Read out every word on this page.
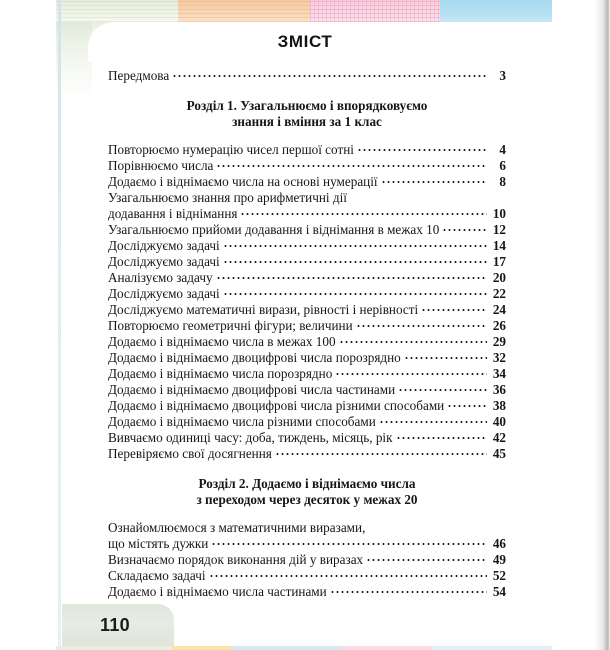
ЗМІСТ
Передмова	3
Розділ 1. Узагальнюємо і впорядковуємо
знання і вміння за 1 клас
Повторюємо нумерацію чисел першої сотні	4
Порівнюємо числа	6
Додаємо і віднімаємо числа на основі нумерації	8
Узагальнюємо знання про арифметичні дії
додавання і віднімання	10
Узагальнюємо прийоми додавання і віднімання в межах 10	12
Досліджуємо задачі	14
Досліджуємо задачі	17
Аналізуємо задачу	20
Досліджуємо задачі	22
Досліджуємо математичні вирази, рівності і нерівності	24
Повторюємо геометричні фігури; величини	26
Додаємо і віднімаємо числа в межах 100	29
Додаємо і віднімаємо двоцифрові числа порозрядно	32
Додаємо і віднімаємо числа порозрядно	34
Додаємо і віднімаємо двоцифрові числа частинами	36
Додаємо і віднімаємо двоцифрові числа різними способами	38
Додаємо і віднімаємо числа різними способами	40
Вивчаємо одиниці часу: доба, тиждень, місяць, рік	42
Перевіряємо свої досягнення	45
Розділ 2. Додаємо і віднімаємо числа
з переходом через десяток у межах 20
Ознайомлюємося з математичними виразами,
що містять дужки	46
Визначаємо порядок виконання дій у виразах	49
Складаємо задачі	52
Додаємо і віднімаємо числа частинами	54
110
